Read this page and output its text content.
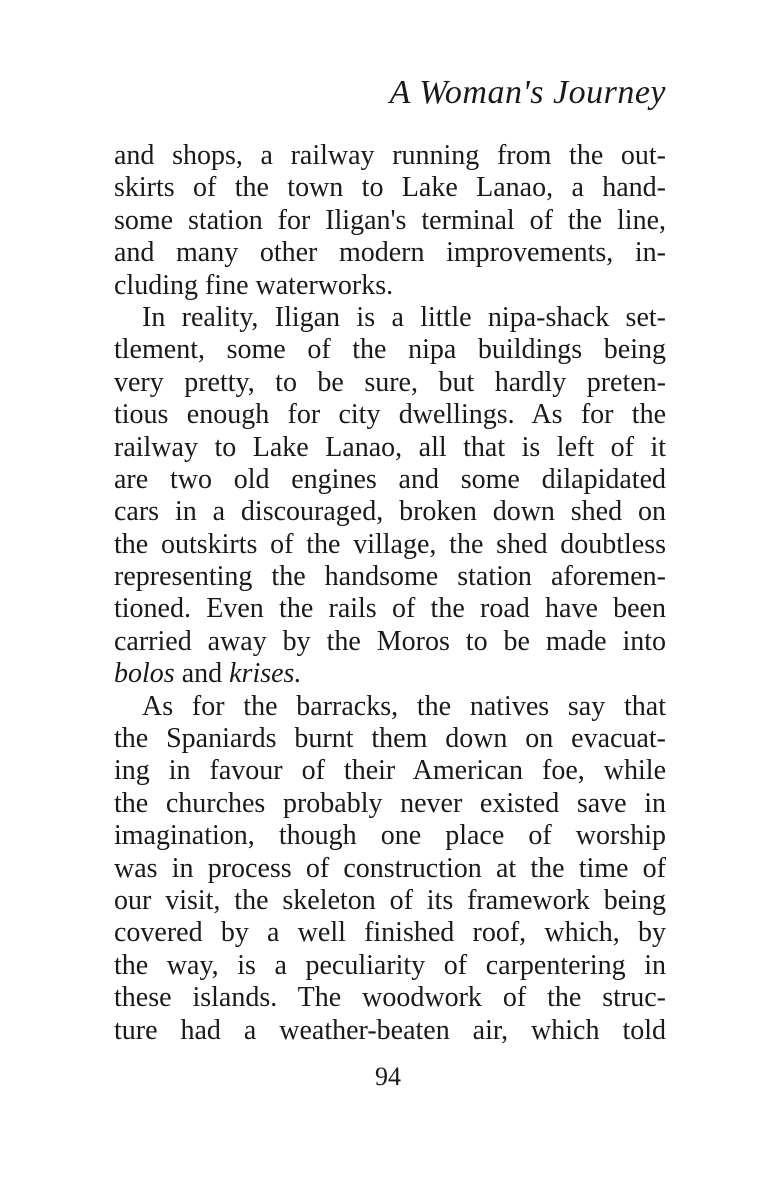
A Woman's Journey
and shops, a railway running from the out-
skirts of the town to Lake Lanao, a hand-
some station for Iligan's terminal of the line,
and many other modern improvements, in-
cluding fine waterworks.
In reality, Iligan is a little nipa-shack set-
tlement, some of the nipa buildings being
very pretty, to be sure, but hardly preten-
tious enough for city dwellings. As for the
railway to Lake Lanao, all that is left of it
are two old engines and some dilapidated
cars in a discouraged, broken down shed on
the outskirts of the village, the shed doubtless
representing the handsome station aforemen-
tioned. Even the rails of the road have been
carried away by the Moros to be made into
bolos and krises.
As for the barracks, the natives say that
the Spaniards burnt them down on evacuat-
ing in favour of their American foe, while
the churches probably never existed save in
imagination, though one place of worship
was in process of construction at the time of
our visit, the skeleton of its framework being
covered by a well finished roof, which, by
the way, is a peculiarity of carpentering in
these islands. The woodwork of the struc-
ture had a weather-beaten air, which told
94
